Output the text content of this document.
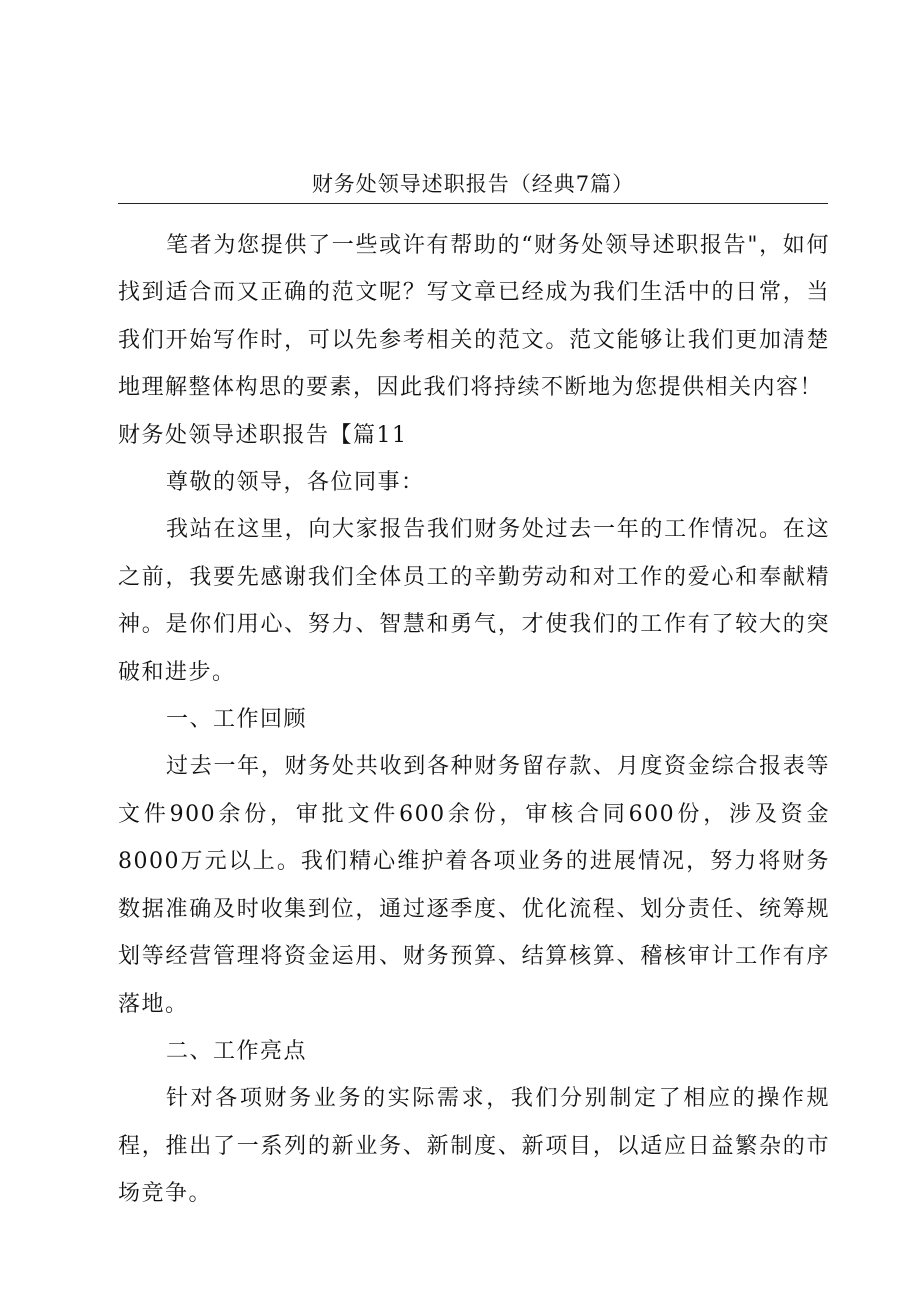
财务处领导述职报告（经典7篇）

笔者为您提供了一些或许有帮助的“财务处领导述职报告"，如何找到适合而又正确的范文呢？写文章已经成为我们生活中的日常，当我们开始写作时，可以先参考相关的范文。范文能够让我们更加清楚地理解整体构思的要素，因此我们将持续不断地为您提供相关内容！

财务处领导述职报告【篇11

尊敬的领导，各位同事：

我站在这里，向大家报告我们财务处过去一年的工作情况。在这之前，我要先感谢我们全体员工的辛勤劳动和对工作的爱心和奉献精神。是你们用心、努力、智慧和勇气，才使我们的工作有了较大的突破和进步。

一、工作回顾

过去一年，财务处共收到各种财务留存款、月度资金综合报表等文件900余份，审批文件600余份，审核合同600份，涉及资金8000万元以上。我们精心维护着各项业务的进展情况，努力将财务数据准确及时收集到位，通过逐季度、优化流程、划分责任、统筹规划等经营管理将资金运用、财务预算、结算核算、稽核审计工作有序落地。

二、工作亮点

针对各项财务业务的实际需求，我们分别制定了相应的操作规程，推出了一系列的新业务、新制度、新项目，以适应日益繁杂的市场竞争。
